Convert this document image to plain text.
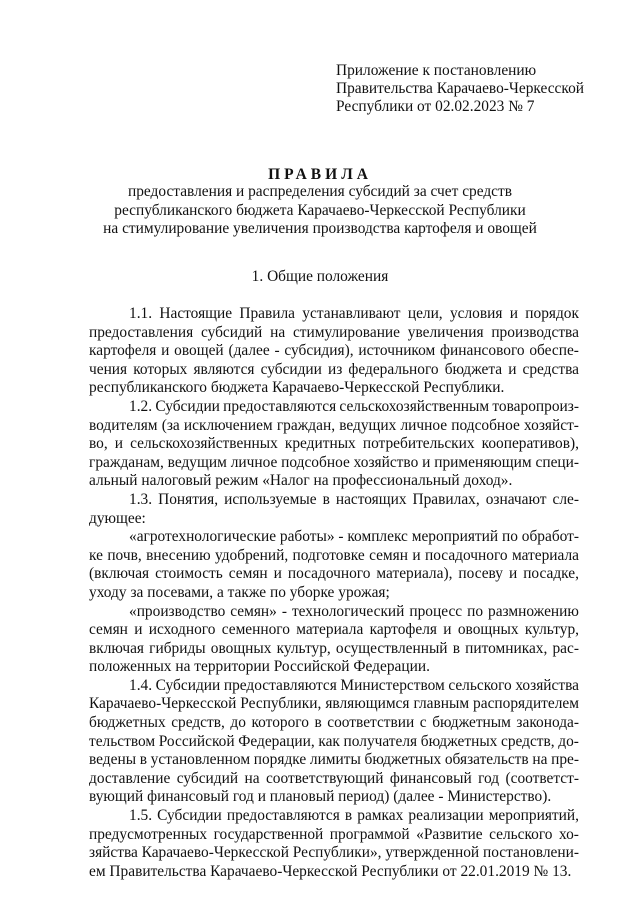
Приложение к постановлению
Правительства Карачаево-Черкесской
Республики от 02.02.2023 № 7
ПРАВИЛА
предоставления и распределения субсидий за счет средств
республиканского бюджета Карачаево-Черкесской Республики
на стимулирование увеличения производства картофеля и овощей
1. Общие положения
1.1. Настоящие Правила устанавливают цели, условия и порядок
предоставления субсидий на стимулирование увеличения производства
картофеля и овощей (далее - субсидия), источником финансового обеспе-
чения которых являются субсидии из федерального бюджета и средства
республиканского бюджета Карачаево-Черкесской Республики.
1.2. Субсидии предоставляются сельскохозяйственным товаропроиз-
водителям (за исключением граждан, ведущих личное подсобное хозяйст-
во, и сельскохозяйственных кредитных потребительских кооперативов),
гражданам, ведущим личное подсобное хозяйство и применяющим специ-
альный налоговый режим «Налог на профессиональный доход».
1.3. Понятия, используемые в настоящих Правилах, означают сле-
дующее:
«агротехнологические работы» - комплекс мероприятий по обработ-
ке почв, внесению удобрений, подготовке семян и посадочного материала
(включая стоимость семян и посадочного материала), посеву и посадке,
уходу за посевами, а также по уборке урожая;
«производство семян» - технологический процесс по размножению
семян и исходного семенного материала картофеля и овощных культур,
включая гибриды овощных культур, осуществленный в питомниках, рас-
положенных на территории Российской Федерации.
1.4. Субсидии предоставляются Министерством сельского хозяйства
Карачаево-Черкесской Республики, являющимся главным распорядителем
бюджетных средств, до которого в соответствии с бюджетным законода-
тельством Российской Федерации, как получателя бюджетных средств, до-
ведены в установленном порядке лимиты бюджетных обязательств на пре-
доставление субсидий на соответствующий финансовый год (соответст-
вующий финансовый год и плановый период) (далее - Министерство).
1.5. Субсидии предоставляются в рамках реализации мероприятий,
предусмотренных государственной программой «Развитие сельского хо-
зяйства Карачаево-Черкесской Республики», утвержденной постановлени-
ем Правительства Карачаево-Черкесской Республики от 22.01.2019 № 13.
